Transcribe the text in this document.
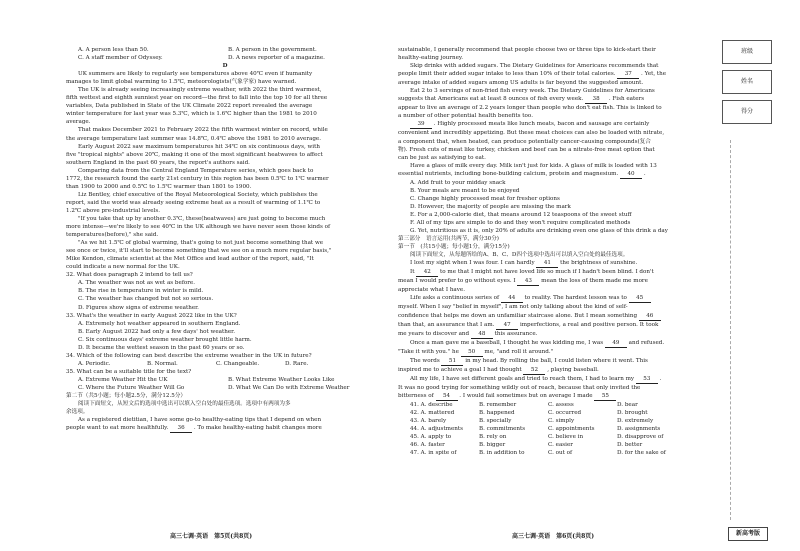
班级
姓名
得分
A. A person less than 50.	B. A person in the government.
C. A staff member of Odyssey.	D. A news reporter of a magazine.
D
UK summers are likely to regularly see temperatures above 40℃ even if humanity
manages to limit global warming to 1.5℃, meteorologists(气象学家) have warned.
The UK is already seeing increasingly extreme weather, with 2022 the third warmest,
fifth wettest and eighth sunniest year on record—the first to fall into the top 10 for all three
variables, Data published in State of the UK Climate 2022 report revealed the average
winter temperature for last year was 5.3℃, which is 1.6℃ higher than the 1981 to 2010
average.
That makes December 2021 to February 2022 the fifth warmest winter on record, while
the average temperature last summer was 14.8℃, 0.4℃ above the 1981 to 2010 average.
Early August 2022 saw maximum temperatures hit 34℃ on six continuous days, with
five "tropical nights" above 20℃, making it one of the most significant heatwaves to affect
southern England in the past 60 years, the report's authors said.
Comparing data from the Central England Temperature series, which goes back to
1772, the research found the early 21st century in this region has been 0.5℃ to 1℃ warmer
than 1900 to 2000 and 0.5℃ to 1.5℃ warmer than 1801 to 1900.
Liz Bentley, chief executive of the Royal Meteorological Society, which publishes the
report, said the world was already seeing extreme heat as a result of warming of 1.1℃ to
1.2℃ above pre-industrial levels.
"If you take that up by another 0.3℃, these(heatwaves) are just going to become much
more intense—we're likely to see 40℃ in the UK although we have never seen those kinds of
temperatures(before)," she said.
"As we hit 1.5℃ of global warming, that's going to not just become something that we
see once or twice, it'll start to become something that we see on a much more regular basis,"
Mike Kendon, climate scientist at the Met Office and lead author of the report, said, "It
could indicate a new normal for the UK.
32. What does paragraph 2 intend to tell us?
A. The weather was not as wet as before.
B. The rise in temperature in winter is mild.
C. The weather has changed but not so serious.
D. Figures show signs of extreme weather.
33. What's the weather in early August 2022 like in the UK?
A. Extremely hot weather appeared in southern England.
B. Early August 2022 had only a few days' hot weather.
C. Six continuous days' extreme weather brought little harm.
D. It became the wettest season in the past 60 years or so.
34. Which of the following can best describe the extreme weather in the UK in future?
A. Periodic.	B. Normal.	C. Changeable.	D. Rare.
35. What can be a suitable title for the text?
A. Extreme Weather Hit the UK	B. What Extreme Weather Looks Like
C. Where the Future Weather Will Go	D. What We Can Do with Extreme Weather
第二节（共5小题；每小题2.5分，满分12.5分）
阅读下面短文，从短文后的选项中选出可以填入空白处的最佳选项。选项中有两项为多
余选项。
As a registered dietitian, I have some go-to healthy-eating tips that I depend on when
people want to eat more healthfully. 36 . To make healthy-eating habit changes more
sustainable, I generally recommend that people choose two or three tips to kick-start their
healthy-eating journey.
Skip drinks with added sugars. The Dietary Guidelines for Americans recommends that
people limit their added sugar intake to less than 10% of their total calories. 37 . Yet, the
average intake of added sugars among US adults is far beyond the suggested amount.
Eat 2 to 3 servings of non-fried fish every week. The Dietary Guidelines for Americans
suggests that Americans eat at least 8 ounces of fish every week. 38 . Fish eaters
appear to live an average of 2.2 years longer than people who don't eat fish. This is linked to
a number of other potential health benefits too.
39 . Highly processed meats like lunch meats, bacon and sausage are certainly
convenient and incredibly appetizing. But these meat choices can also be loaded with nitrate,
a component that, when heated, can produce potentially cancer-causing compounds(复合
物). Fresh cuts of meat like turkey, chicken and beef can be a nitrate-free meat option that
can be just as satisfying to eat.
Have a glass of milk every day. Milk isn't just for kids. A glass of milk is loaded with 13
essential nutrients, including bone-building calcium, protein and magnesium. 40 .
A. Add fruit to your midday snack
B. Your meals are meant to be enjoyed
C. Change highly processed meat for fresher options
D. However, the majority of people are missing the mark
E. For a 2,000-calorie diet, that means around 12 teaspoons of the sweet stuff
F. All of my tips are simple to do and they won't require complicated methods
G. Yet, nutritious as it is, only 20% of adults are drinking even one glass of this drink a day
第三部分　语言运用(共两节，满分30分)
第一节　(共15小题；每小题1分，满分15分)
阅读下面短文，从每题所给的A、B、C、D四个选项中选出可以填入空白处的最佳选项。
I lost my sight when I was four. I can hardly 41 the brightness of sunshine.
It 42 to me that I might not have loved life so much if I hadn't been blind. I don't
mean I would prefer to go without eyes. I 43 mean the loss of them made me more
appreciate what I have.
Life asks a continuous series of 44 to reality. The hardest lesson was to 45
myself. When I say "belief in myself", I am not only talking about the kind of self-
confidence that helps me down an unfamiliar staircase alone. But I mean something 46
than that, an assurance that I am. 47 imperfections, a real and positive person. It took
me years to discover and 48 this assurance.
Once a man gave me a baseball, I thought he was kidding me, I was 49 and refused.
"Take it with you." he 50 me, "and roll it around."
The words 51 in my head. By rolling the ball, I could listen where it went. This
inspired me to achieve a goal I had thought 52 , playing baseball.
All my life, I have set different goals and tried to reach them, I had to learn my 53 .
It was no good trying for something wildly out of reach, because that only invited the
bitterness of 54 . I would fail sometimes but on average I made 55
41. A. describe	B. remember	C. assess	D. bear
42. A. mattered	B. happened	C. occurred	D. brought
43. A. barely	B. specially	C. simply	D. extremely
44. A. adjustments	B. commitments	C. appointments	D. assignments
45. A. apply to	B. rely on	C. believe in	D. disapprove of
46. A. faster	B. bigger	C. easier	D. better
47. A. in spite of	B. in addition to	C. out of	D. for the sake of
高三七调·英语　第5页(共8页)	高三七调·英语　第6页(共8页)	新高考版
